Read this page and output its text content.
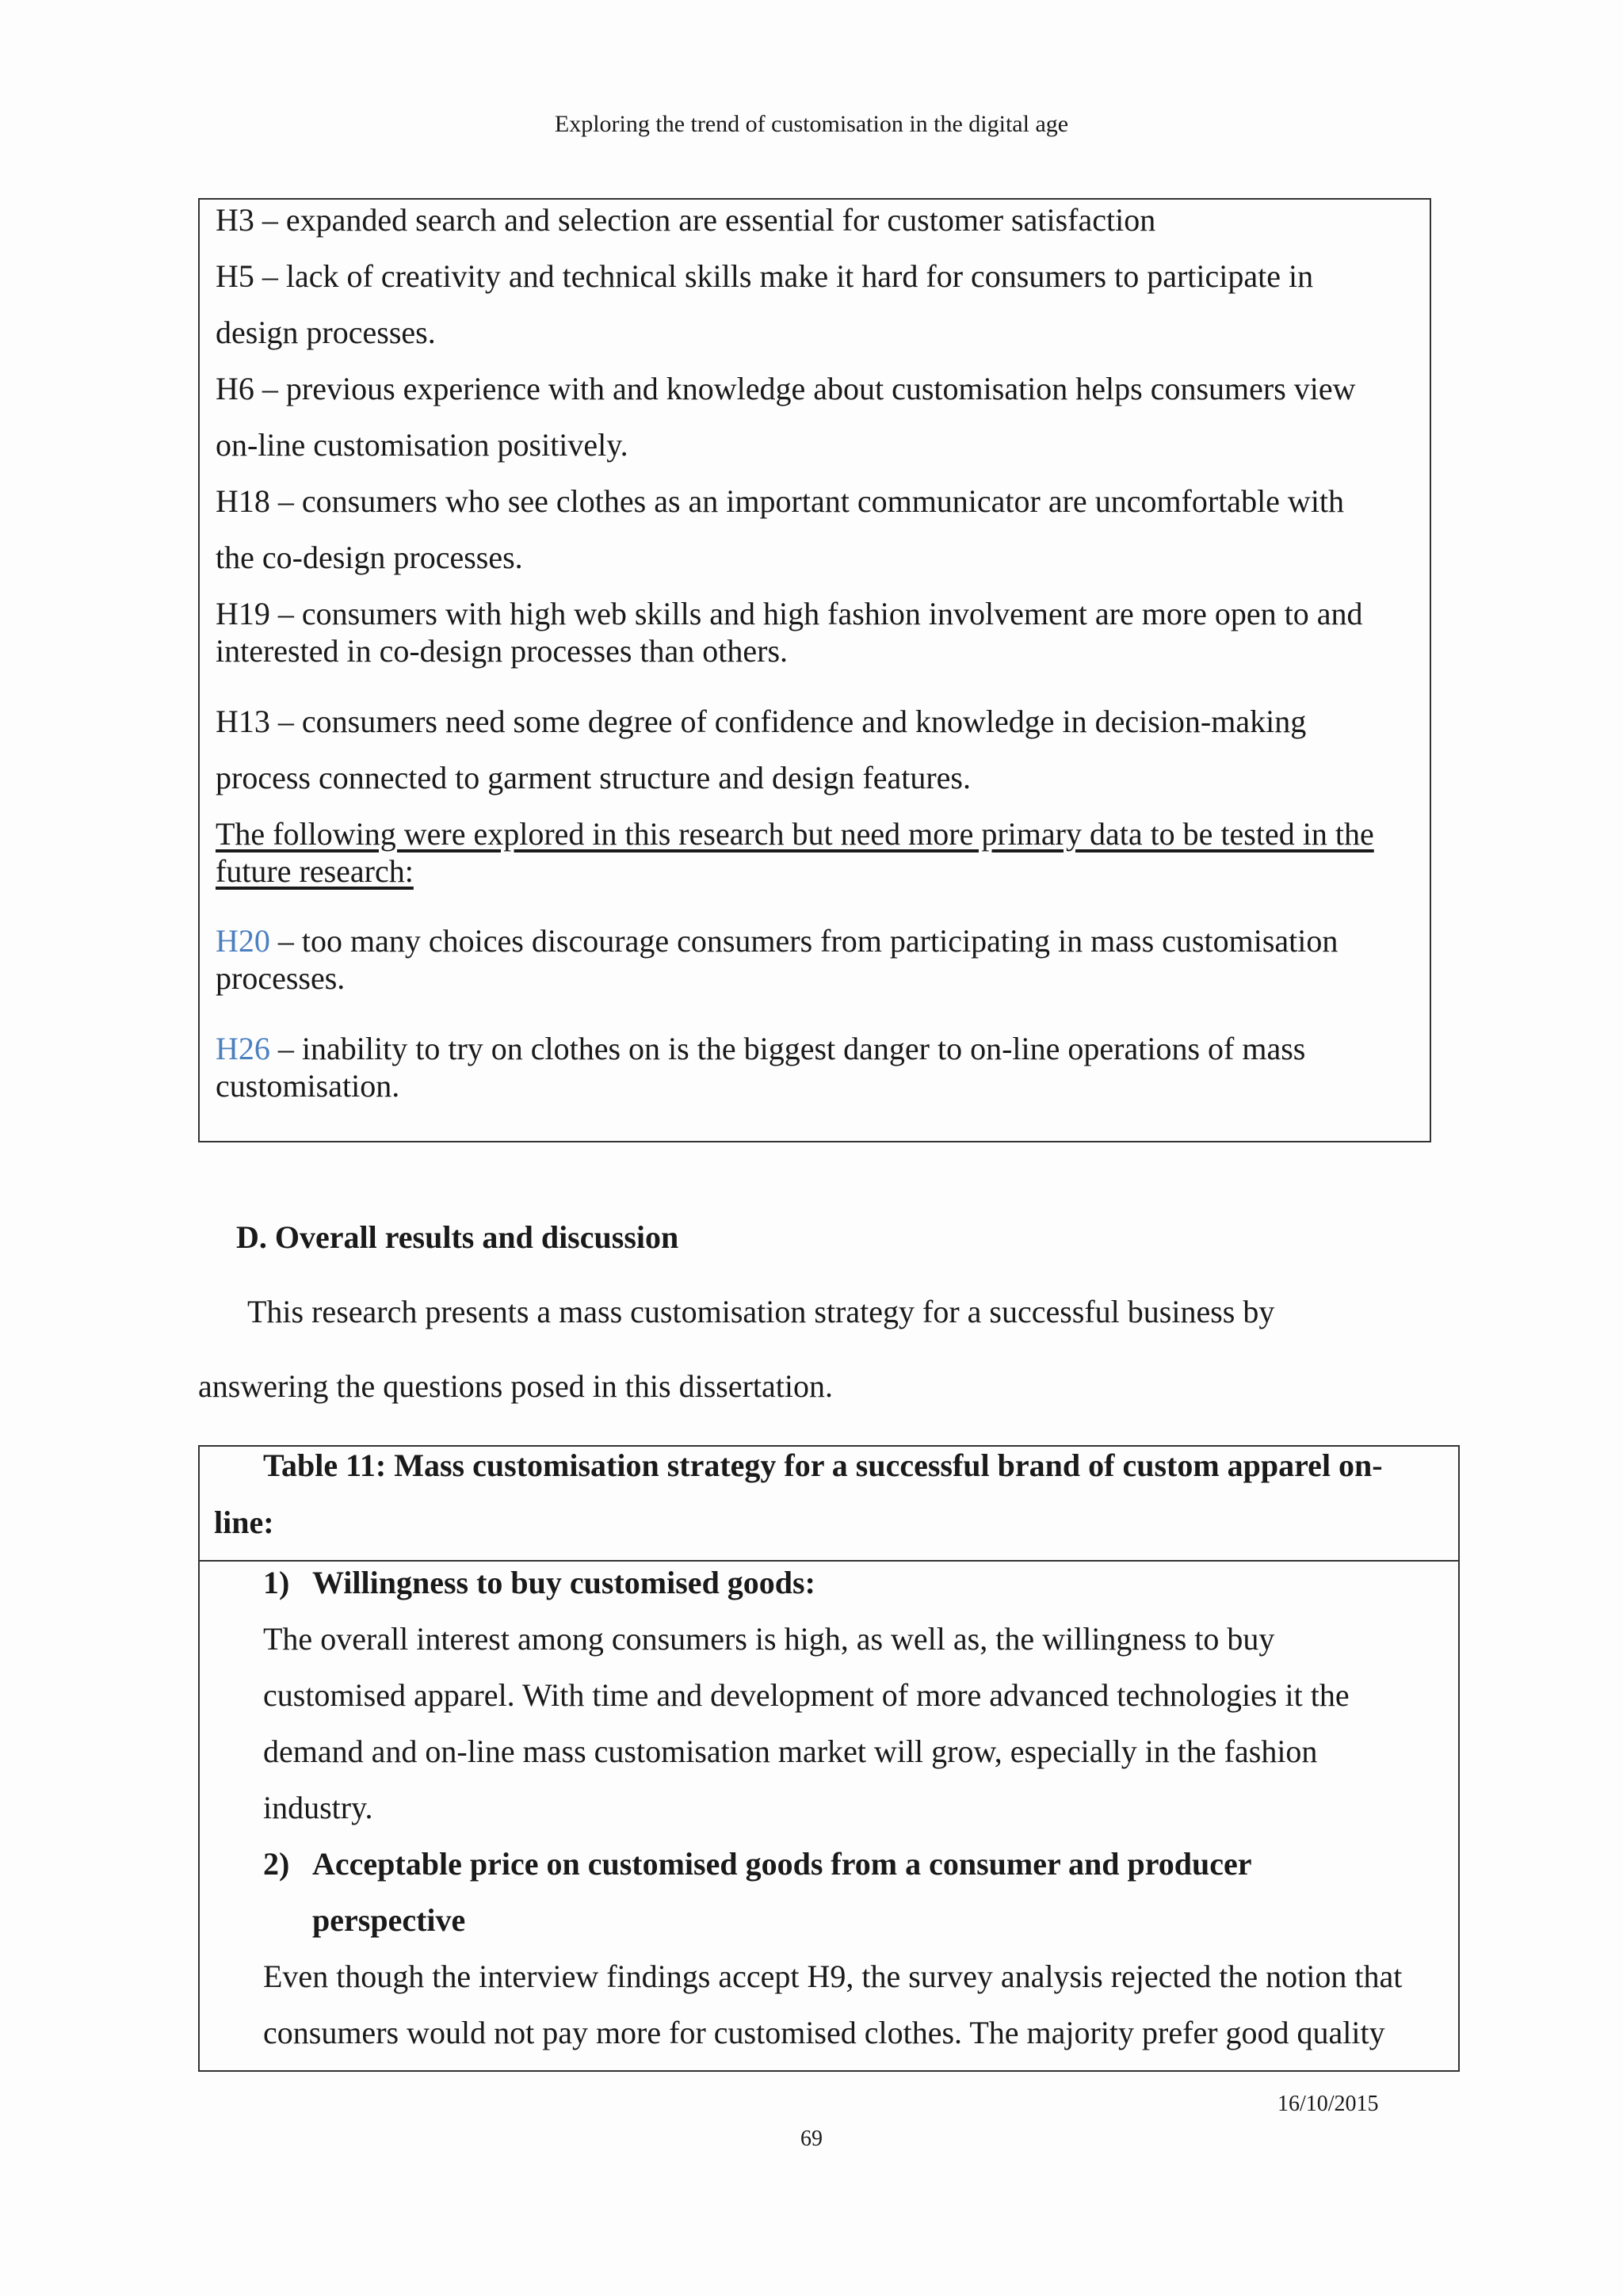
Exploring the trend of customisation in the digital age
H3 – expanded search and selection are essential for customer satisfaction
H5 – lack of creativity and technical skills make it hard for consumers to participate in
design processes.
H6 – previous experience with and knowledge about customisation helps consumers view
on-line customisation positively.
H18 – consumers who see clothes as an important communicator are uncomfortable with
the co-design processes.
H19 – consumers with high web skills and high fashion involvement are more open to and
interested in co-design processes than others.
H13 – consumers need some degree of confidence and knowledge in decision-making
process connected to garment structure and design features.
The following were explored in this research but need more primary data to be tested in the
future research:
H20 – too many choices discourage consumers from participating in mass customisation
processes.
H26 – inability to try on clothes on is the biggest danger to on-line operations of mass
customisation.
D. Overall results and discussion
This research presents a mass customisation strategy for a successful business by
answering the questions posed in this dissertation.
Table 11: Mass customisation strategy for a successful brand of custom apparel on-
line:
1) Willingness to buy customised goods:
The overall interest among consumers is high, as well as, the willingness to buy
customised apparel. With time and development of more advanced technologies it the
demand and on-line mass customisation market will grow, especially in the fashion
industry.
2) Acceptable price on customised goods from a consumer and producer
perspective
Even though the interview findings accept H9, the survey analysis rejected the notion that
consumers would not pay more for customised clothes. The majority prefer good quality
16/10/2015
69
